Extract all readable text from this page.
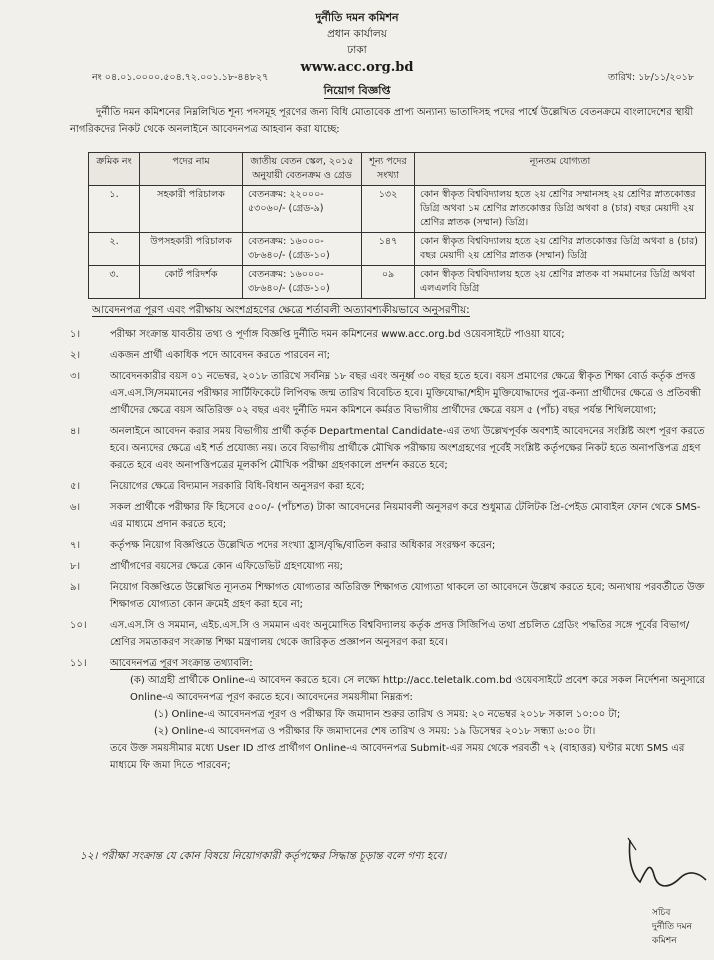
দুর্নীতি দমন কমিশন
প্রধান কার্যালয়
ঢাকা
www.acc.org.bd
নং ০৪.০১.০০০০.৫০৪.৭২.০০১.১৮-৪৪৮২৭	তারিখ: ১৮/১১/২০১৮
নিয়োগ বিজ্ঞপ্তি
দুর্নীতি দমন কমিশনের নিম্নলিখিত শূন্য পদসমূহ পূরণের জন্য বিধি মোতাবেক প্রাপ্য অন্যান্য ভাতাদিসহ পদের পার্শ্বে উল্লেখিত বেতনক্রমে বাংলাদেশের স্থায়ী নাগরিকদের নিকট থেকে অনলাইনে আবেদনপত্র আহবান করা যাচ্ছে:
ক্রমিক নং	পদের নাম	জাতীয় বেতন স্কেল, ২০১৫ অনুযায়ী বেতনক্রম ও গ্রেড	শূন্য পদের সংখ্যা	ন্যূনতম যোগ্যতা
১.	সহকারী পরিচালক	বেতনক্রম: ২২০০০- ৫৩০৬০/- (গ্রেড-৯)	১৩২	কোন স্বীকৃত বিশ্ববিদ্যালয় হতে ২য় শ্রেণির সম্মানসহ ২য় শ্রেণির স্নাতকোত্তর ডিগ্রি অথবা ১ম শ্রেণির স্নাতকোত্তর ডিগ্রি অথবা ৪ (চার) বছর মেয়াদী ২য় শ্রেণির স্নাতক (সম্মান) ডিগ্রি।
২.	উপসহকারী পরিচালক	বেতনক্রম: ১৬০০০- ৩৮৬৪০/- (গ্রেড-১০)	১৪৭	কোন স্বীকৃত বিশ্ববিদ্যালয় হতে ২য় শ্রেণির স্নাতকোত্তর ডিগ্রি অথবা ৪ (চার) বছর মেয়াদী ২য় শ্রেণির স্নাতক (সম্মান) ডিগ্রি
৩.	কোর্ট পরিদর্শক	বেতনক্রম: ১৬০০০- ৩৮৬৪০/- (গ্রেড-১০)	০৯	কোন স্বীকৃত বিশ্ববিদ্যালয় হতে ২য় শ্রেণির স্নাতক বা সমমানের ডিগ্রি অথবা এলএলবি ডিগ্রি
আবেদনপত্র পূরণ এবং পরীক্ষায় অংশগ্রহণের ক্ষেত্রে শর্তাবলী অত্যাবশ্যকীয়ভাবে অনুসরণীয়:
১।	পরীক্ষা সংক্রান্ত যাবতীয় তথ্য ও পূর্ণাঙ্গ বিজ্ঞপ্তি দুর্নীতি দমন কমিশনের www.acc.org.bd ওয়েবসাইটে পাওয়া যাবে;
২।	একজন প্রার্থী একাধিক পদে আবেদন করতে পারবেন না;
৩।	আবেদনকারীর বয়স ০১ নভেম্বর, ২০১৮ তারিখে সর্বনিম্ন ১৮ বছর এবং অনূর্ধ্ব ৩০ বছর হতে হবে। বয়স প্রমাণের ক্ষেত্রে স্বীকৃত শিক্ষা বোর্ড কর্তৃক প্রদত্ত এস.এস.সি/সমমানের পরীক্ষার সার্টিফিকেটে লিপিবদ্ধ জন্ম তারিখ বিবেচিত হবে। মুক্তিযোদ্ধা/শহীদ মুক্তিযোদ্ধাদের পুত্র-কন্যা প্রার্থীদের ক্ষেত্রে ও প্রতিবন্ধী প্রার্থীদের ক্ষেত্রে বয়স অতিরিক্ত ০২ বছর এবং দুর্নীতি দমন কমিশনে কর্মরত বিভাগীয় প্রার্থীদের ক্ষেত্রে বয়স ৫ (পাঁচ) বছর পর্যন্ত শিথিলযোগ্য;
৪।	অনলাইনে আবেদন করার সময় বিভাগীয় প্রার্থী কর্তৃক Departmental Candidate-এর তথ্য উল্লেখপূর্বক অবশ্যই আবেদনের সংশ্লিষ্ট অংশ পূরণ করতে হবে। অন্যদের ক্ষেত্রে এই শর্ত প্রযোজ্য নয়। তবে বিভাগীয় প্রার্থীকে মৌখিক পরীক্ষায় অংশগ্রহণের পূর্বেই সংশ্লিষ্ট কর্তৃপক্ষের নিকট হতে অনাপত্তিপত্র গ্রহণ করতে হবে এবং অনাপত্তিপত্রের মূলকপি মৌখিক পরীক্ষা গ্রহণকালে প্রদর্শন করতে হবে;
৫।	নিয়োগের ক্ষেত্রে বিদ্যমান সরকারি বিধি-বিধান অনুসরণ করা হবে;
৬।	সকল প্রার্থীকে পরীক্ষার ফি হিসেবে ৫০০/- (পাঁচশত) টাকা আবেদনের নিয়মাবলী অনুসরণ করে শুধুমাত্র টেলিটক প্রি-পেইড মোবাইল ফোন থেকে SMS-এর মাধ্যমে প্রদান করতে হবে;
৭।	কর্তৃপক্ষ নিয়োগ বিজ্ঞপ্তিতে উল্লেখিত পদের সংখ্যা হ্রাস/বৃদ্ধি/বাতিল করার অধিকার সংরক্ষণ করেন;
৮।	প্রার্থীগণের বয়সের ক্ষেত্রে কোন এফিডেভিট গ্রহণযোগ্য নয়;
৯।	নিয়োগ বিজ্ঞপ্তিতে উল্লেখিত ন্যূনতম শিক্ষাগত যোগ্যতার অতিরিক্ত শিক্ষাগত যোগ্যতা থাকলে তা আবেদনে উল্লেখ করতে হবে; অন্যথায় পরবর্তীতে উক্ত শিক্ষাগত যোগ্যতা কোন ক্রমেই গ্রহণ করা হবে না;
১০।	এস.এস.সি ও সমমান, এইচ.এস.সি ও সমমান এবং অনুমোদিত বিশ্ববিদ্যালয় কর্তৃক প্রদত্ত সিজিপিএ তথা প্রচলিত গ্রেডিং পদ্ধতির সঙ্গে পূর্বের বিভাগ/শ্রেণির সমতাকরণ সংক্রান্ত শিক্ষা মন্ত্রণালয় থেকে জারিকৃত প্রজ্ঞাপন অনুসরণ করা হবে।
১১।	আবেদনপত্র পূরণ সংক্রান্ত তথ্যাবলি:
(ক) আগ্রহী প্রার্থীকে Online-এ আবেদন করতে হবে। সে লক্ষ্যে http://acc.teletalk.com.bd ওয়েবসাইটে প্রবেশ করে সকল নির্দেশনা অনুসারে Online-এ আবেদনপত্র পূরণ করতে হবে। আবেদনের সময়সীমা নিম্নরূপ:
(১) Online-এ আবেদনপত্র পূরণ ও পরীক্ষার ফি জমাদান শুরুর তারিখ ও সময়: ২০ নভেম্বর ২০১৮ সকাল ১০:০০ টা;
(২) Online-এ আবেদনপত্র ও পরীক্ষার ফি জমাদানের শেষ তারিখ ও সময়: ১৯ ডিসেম্বর ২০১৮ সন্ধ্যা ৬:০০ টা।
তবে উক্ত সময়সীমার মধ্যে User ID প্রাপ্ত প্রার্থীগণ Online-এ আবেদনপত্র Submit-এর সময় থেকে পরবর্তী ৭২ (বাহাত্তর) ঘণ্টার মধ্যে SMS এর মাধ্যমে ফি জমা দিতে পারবেন;
১২। পরীক্ষা সংক্রান্ত যে কোন বিষয়ে নিয়োগকারী কর্তৃপক্ষের সিদ্ধান্ত চূড়ান্ত বলে গণ্য হবে।
সচিব
দুর্নীতি দমন কমিশন
